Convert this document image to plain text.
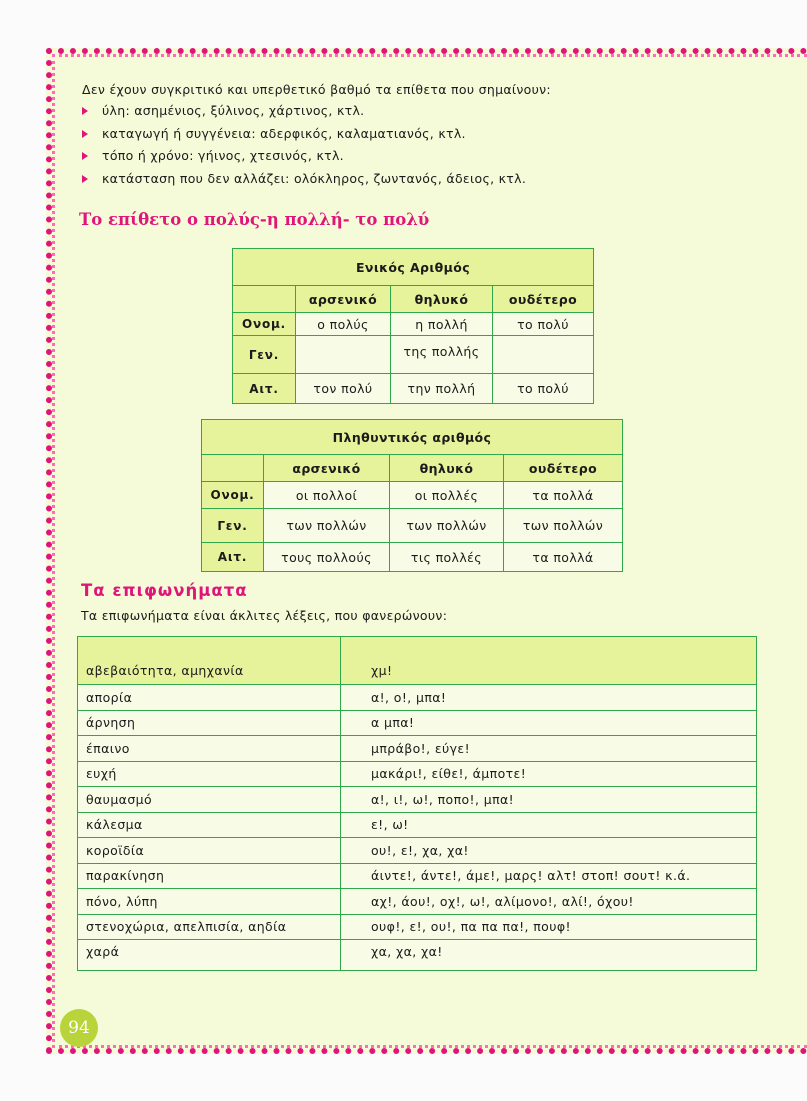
Δεν έχουν συγκριτικό και υπερθετικό βαθμό τα επίθετα που σημαίνουν:
ύλη: ασημένιος, ξύλινος, χάρτινος, κτλ.
καταγωγή ή συγγένεια: αδερφικός, καλαματιανός, κτλ.
τόπο ή χρόνο: γήινος, χτεσινός, κτλ.
κατάσταση που δεν αλλάζει: ολόκληρος, ζωντανός, άδειος, κτλ.
Το επίθετο ο πολύς-η πολλή- το πολύ
Ενικός Αριθμός			
	αρσενικό	θηλυκό	ουδέτερο
Ονομ.	ο πολύς	η πολλή	το πολύ
Γεν.		της πολλής	
Αιτ.	τον πολύ	την πολλή	το πολύ
Πληθυντικός αριθμός			
	αρσενικό	θηλυκό	ουδέτερο
Ονομ.	οι πολλοί	οι πολλές	τα πολλά
Γεν.	των πολλών	των πολλών	των πολλών
Αιτ.	τους πολλούς	τις πολλές	τα πολλά
Τα επιφωνήματα
Τα επιφωνήματα είναι άκλιτες λέξεις, που φανερώνουν:
αβεβαιότητα, αμηχανία	χμ!
απορία	α!, ο!, μπα!
άρνηση	α μπα!
έπαινο	μπράβο!, εύγε!
ευχή	μακάρι!, είθε!, άμποτε!
θαυμασμό	α!, ι!, ω!, ποπο!, μπα!
κάλεσμα	ε!, ω!
κοροϊδία	ου!, ε!, χα, χα!
παρακίνηση	άιντε!, άντε!, άμε!, μαρς! αλτ! στοπ! σουτ! κ.ά.
πόνο, λύπη	αχ!, άου!, οχ!, ω!, αλίμονο!, αλί!, όχου!
στενοχώρια, απελπισία, αηδία	ουφ!, ε!, ου!, πα πα πα!, πουφ!
χαρά	χα, χα, χα!
94
